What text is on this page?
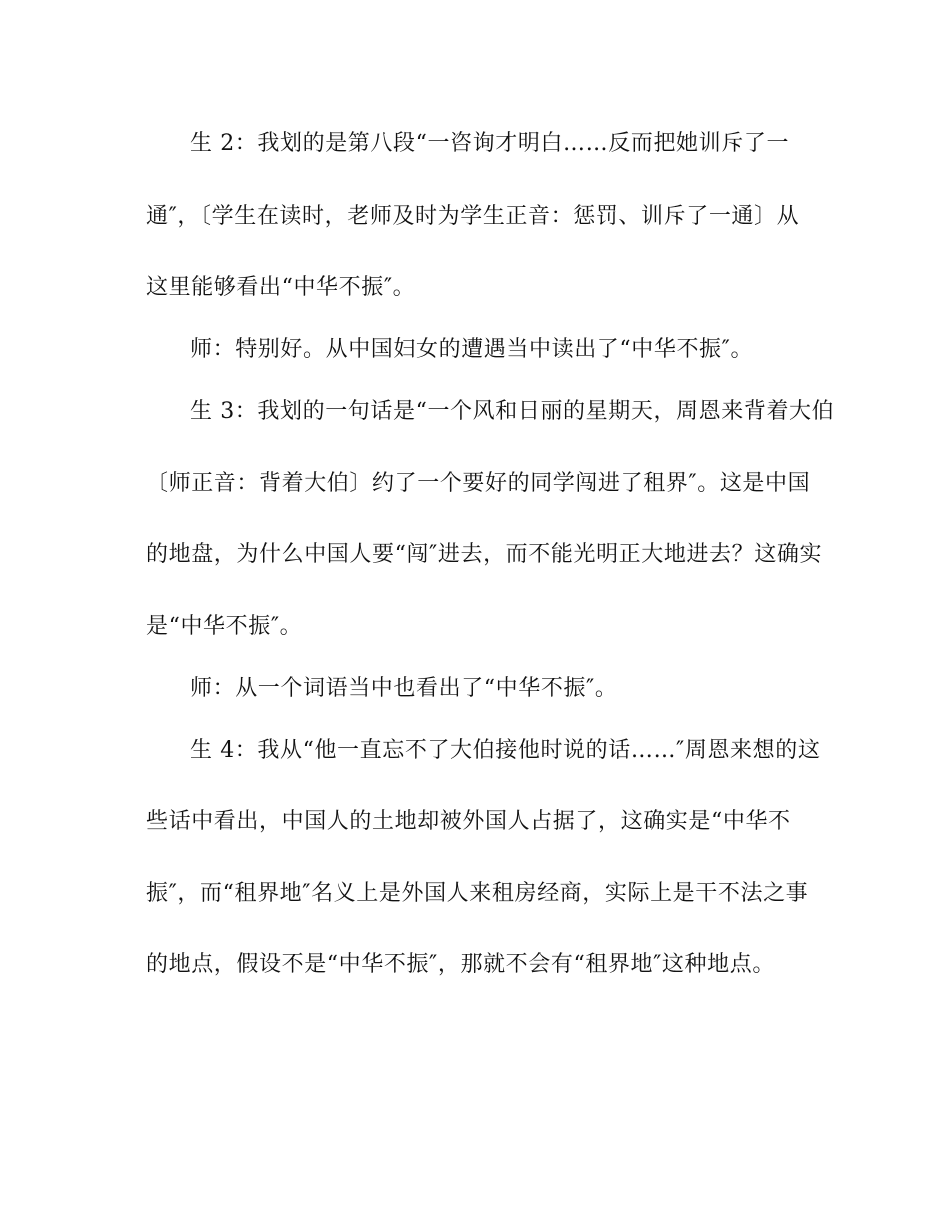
生 2：我划的是第八段“一咨询才明白……反而把她训斥了一
通″，〔学生在读时，老师及时为学生正音：惩罚、训斥了一通〕从
这里能够看出“中华不振″。
师：特别好。从中国妇女的遭遇当中读出了“中华不振″。
生 3：我划的一句话是“一个风和日丽的星期天，周恩来背着大伯
〔师正音：背着大伯〕约了一个要好的同学闯进了租界″。这是中国
的地盘，为什么中国人要“闯″进去，而不能光明正大地进去？这确实
是“中华不振″。
师：从一个词语当中也看出了“中华不振″。
生 4：我从“他一直忘不了大伯接他时说的话……″周恩来想的这
些话中看出，中国人的土地却被外国人占据了，这确实是“中华不
振″，而“租界地″名义上是外国人来租房经商，实际上是干不法之事
的地点，假设不是“中华不振″，那就不会有“租界地″这种地点。
